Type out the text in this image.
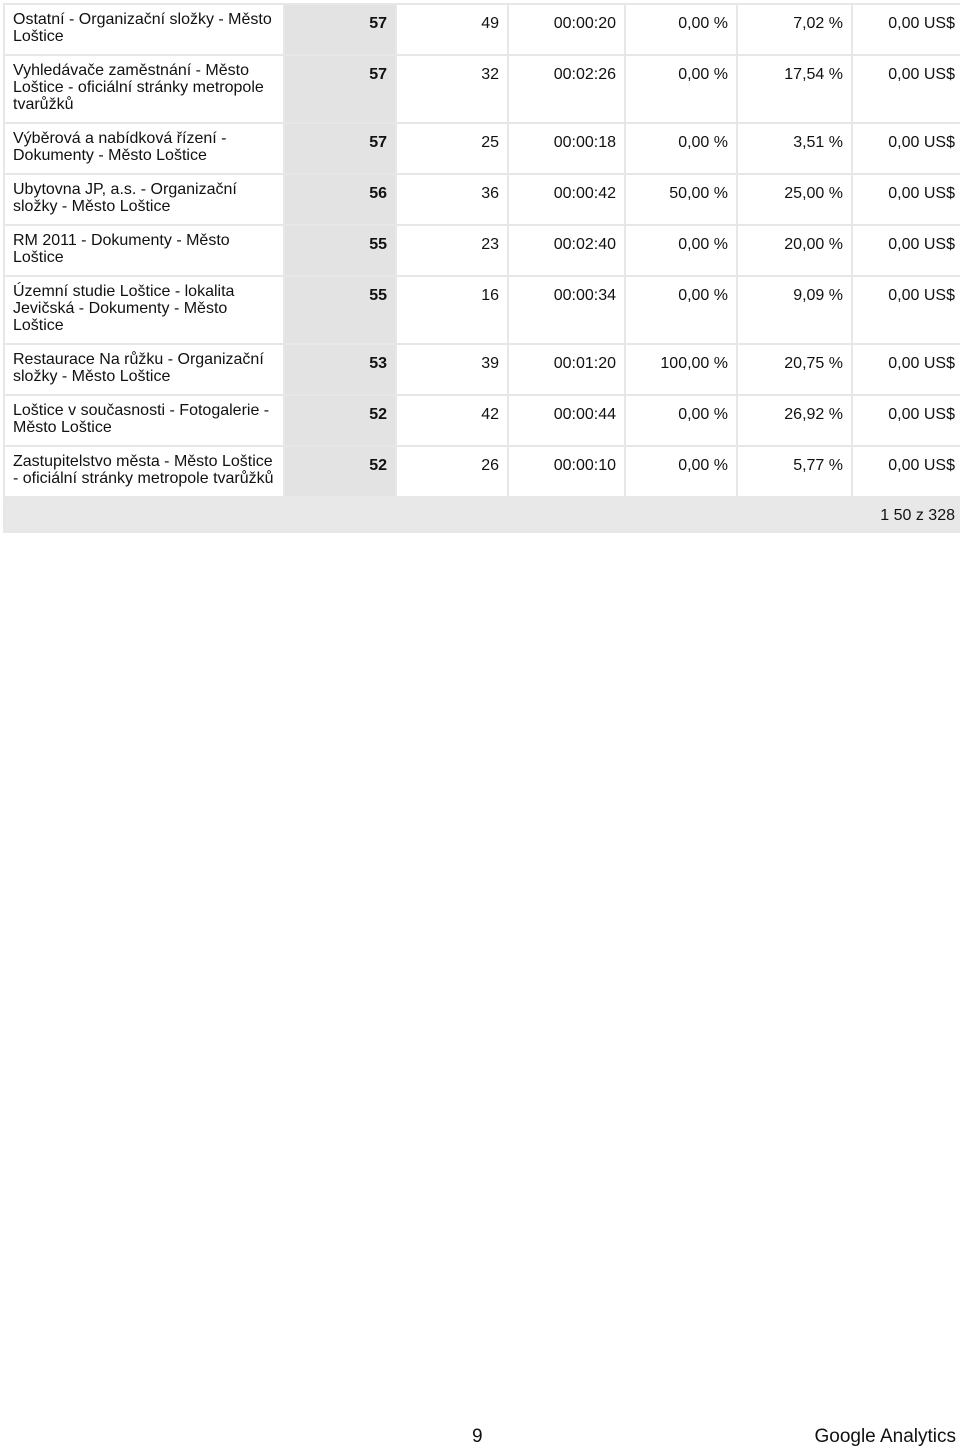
Ostatní - Organizační složky - Město Loštice	57	49	00:00:20	0,00 %	7,02 %	0,00 US$
Vyhledávače zaměstnání - Město Loštice - oficiální stránky metropole tvarůžků	57	32	00:02:26	0,00 %	17,54 %	0,00 US$
Výběrová a nabídková řízení - Dokumenty - Město Loštice	57	25	00:00:18	0,00 %	3,51 %	0,00 US$
Ubytovna JP, a.s. - Organizační složky - Město Loštice	56	36	00:00:42	50,00 %	25,00 %	0,00 US$
RM 2011 - Dokumenty - Město Loštice	55	23	00:02:40	0,00 %	20,00 %	0,00 US$
Územní studie Loštice - lokalita Jevičská - Dokumenty - Město Loštice	55	16	00:00:34	0,00 %	9,09 %	0,00 US$
Restaurace Na růžku - Organizační složky - Město Loštice	53	39	00:01:20	100,00 %	20,75 %	0,00 US$
Loštice v současnosti - Fotogalerie - Město Loštice	52	42	00:00:44	0,00 %	26,92 %	0,00 US$
Zastupitelstvo města - Město Loštice - oficiální stránky metropole tvarůžků	52	26	00:00:10	0,00 %	5,77 %	0,00 US$
1 50 z 328						
9	Google Analytics
